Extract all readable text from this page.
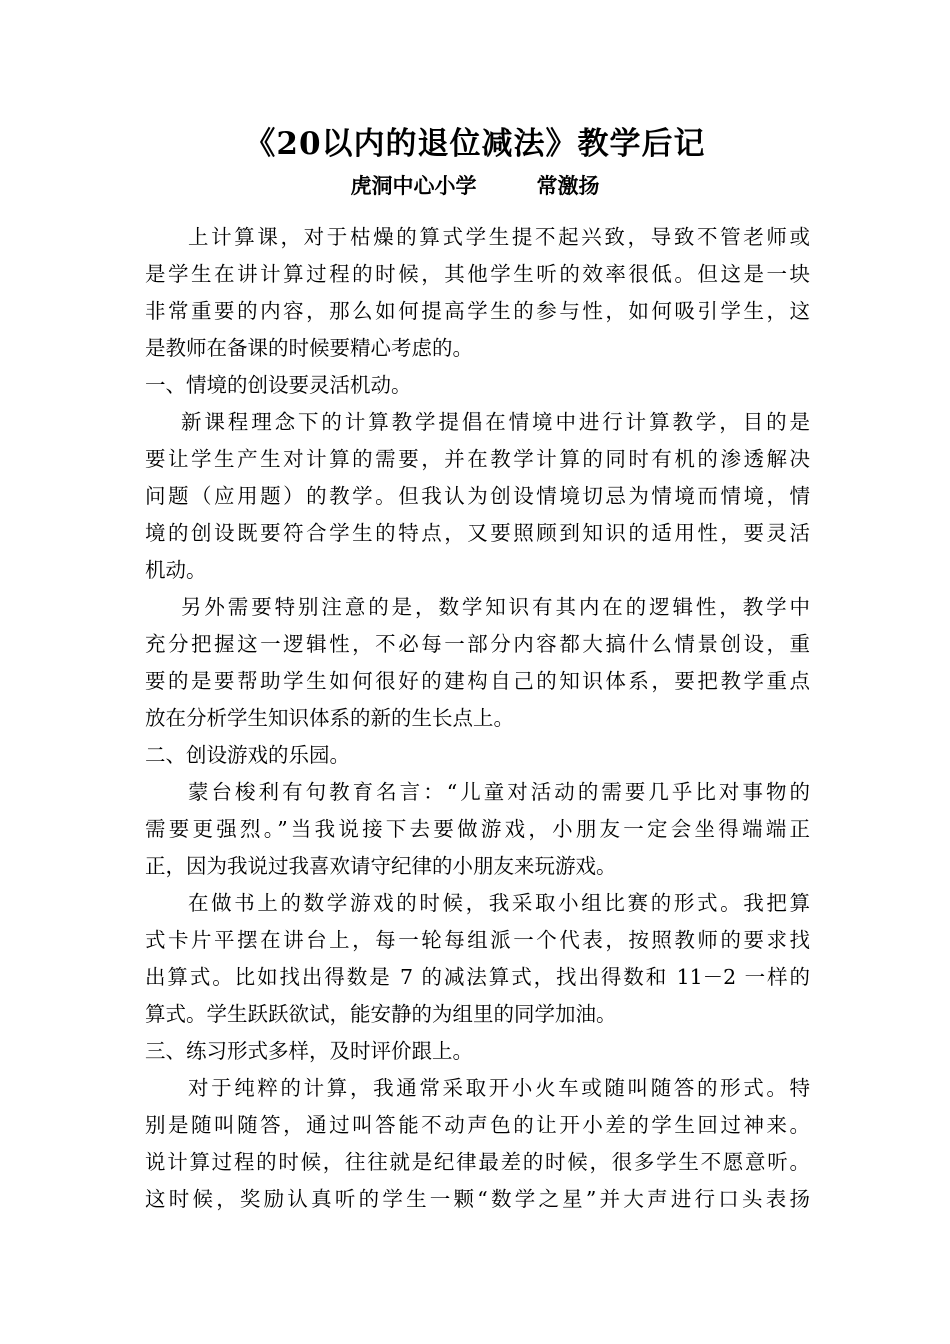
《20以内的退位减法》教学后记
虎洞中心小学	常激扬
上计算课，对于枯燥的算式学生提不起兴致，导致不管老师或
是学生在讲计算过程的时候，其他学生听的效率很低。但这是一块
非常重要的内容，那么如何提高学生的参与性，如何吸引学生，这
是教师在备课的时候要精心考虑的。
一、情境的创设要灵活机动。
新课程理念下的计算教学提倡在情境中进行计算教学，目的是
要让学生产生对计算的需要，并在教学计算的同时有机的渗透解决
问题（应用题）的教学。但我认为创设情境切忌为情境而情境，情
境的创设既要符合学生的特点，又要照顾到知识的适用性，要灵活
机动。
另外需要特别注意的是，数学知识有其内在的逻辑性，教学中
充分把握这一逻辑性，不必每一部分内容都大搞什么情景创设，重
要的是要帮助学生如何很好的建构自己的知识体系，要把教学重点
放在分析学生知识体系的新的生长点上。
二、创设游戏的乐园。
蒙台梭利有句教育名言：“儿童对活动的需要几乎比对事物的
需要更强烈。”当我说接下去要做游戏，小朋友一定会坐得端端正
正，因为我说过我喜欢请守纪律的小朋友来玩游戏。
在做书上的数学游戏的时候，我采取小组比赛的形式。我把算
式卡片平摆在讲台上，每一轮每组派一个代表，按照教师的要求找
出算式。比如找出得数是 7 的减法算式，找出得数和 11－2 一样的
算式。学生跃跃欲试，能安静的为组里的同学加油。
三、练习形式多样，及时评价跟上。
对于纯粹的计算，我通常采取开小火车或随叫随答的形式。特
别是随叫随答，通过叫答能不动声色的让开小差的学生回过神来。
说计算过程的时候，往往就是纪律最差的时候，很多学生不愿意听。
这时候，奖励认真听的学生一颗“数学之星”并大声进行口头表扬
